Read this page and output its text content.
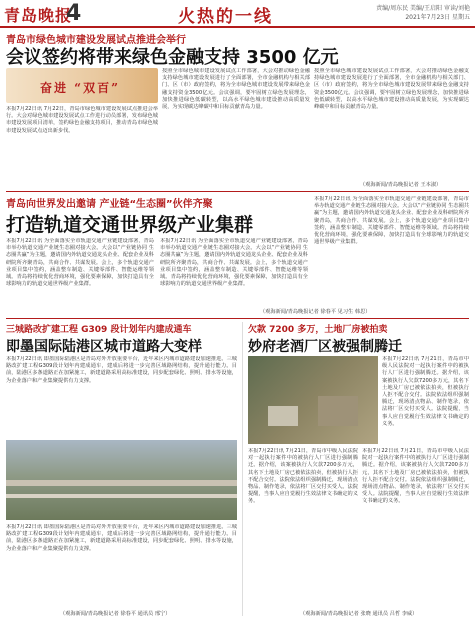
青岛晚报
4	火热的一线	责编/周东民 美编/王启阳 审读/刘艳
2021年7月23日 星期五
青岛市绿色城市建设发展试点推进会举行
会议签约将带来绿色金融支持 3500 亿元
奋进 “双百”
本报7月22日讯 7月22日，青岛市绿色城市建设发展试点推进会举行。大会对绿色城市建设发展试点工作进行动员部署，发布绿色城市建设发展项目清单，签约绿色金融支持项目，推动青岛市绿色城市建设发展试点迈出新步伐。
按照全市绿色城市建设发展试点工作部署，大会对推动绿色金融支持绿色城市建设发展进行了全面部署，全市金融机构与相关部门、区（市）政府签约，将为全市绿色城市建设发展带来绿色金融支持资金3500亿元。会议强调，要牢固树立绿色发展理念，加快推进绿色低碳转型，以高水平绿色城市建设推动高质量发展，为实现碳达峰碳中和目标贡献青岛力量。
按照全市绿色城市建设发展试点工作部署，大会对推动绿色金融支持绿色城市建设发展进行了全面部署，全市金融机构与相关部门、区（市）政府签约，将为全市绿色城市建设发展带来绿色金融支持资金3500亿元。会议强调，要牢固树立绿色发展理念，加快推进绿色低碳转型，以高水平绿色城市建设推动高质量发展，为实现碳达峰碳中和目标贡献青岛力量。
（观海新闻/青岛晚报记者 王本淑）
青岛向世界发出邀请 产业链“生态圈”伙伴齐聚
打造轨道交通世界级产业集群
本报7月22日讯 为全面落实全市轨道交通产业链建设部署，青岛市举办轨道交通产业链生态圈对接大会。大会以“产业链协同 生态圈共赢”为主题，邀请国内外轨道交通龙头企业、配套企业及科研院所齐聚青岛，共商合作、共谋发展。会上，多个轨道交通产业项目集中签约，涵盖整车制造、关键零部件、智能运维等领域。青岛将持续优化营商环境，强化要素保障，加快打造具有全球影响力的轨道交通世界级产业集群。
本报7月22日讯 为全面落实全市轨道交通产业链建设部署，青岛市举办轨道交通产业链生态圈对接大会。大会以“产业链协同 生态圈共赢”为主题，邀请国内外轨道交通龙头企业、配套企业及科研院所齐聚青岛，共商合作、共谋发展。会上，多个轨道交通产业项目集中签约，涵盖整车制造、关键零部件、智能运维等领域。青岛将持续优化营商环境，强化要素保障，加快打造具有全球影响力的轨道交通世界级产业集群。
本报7月22日讯 为全面落实全市轨道交通产业链建设部署，青岛市举办轨道交通产业链生态圈对接大会。大会以“产业链协同 生态圈共赢”为主题，邀请国内外轨道交通龙头企业、配套企业及科研院所齐聚青岛，共商合作、共谋发展。会上，多个轨道交通产业项目集中签约，涵盖整车制造、关键零部件、智能运维等领域。青岛将持续优化营商环境，强化要素保障，加快打造具有全球影响力的轨道交通世界级产业集群。
（观海新闻/青岛晚报记者 徐春平 见习生 韩思）
三城路改扩建工程 G309 段计划年内建成通车
即墨国际陆港区城市道路大变样
本报7月22日讯 即墨国际陆港区是青岛对外开放重要平台，近年来区内城市道路建设加速推进。三城路改扩建工程G309段计划年内建成通车，建成后将进一步完善区域路网结构，提升通行能力。目前，陆港区多条道路正在加紧施工，新建道路采用高标准建设，同步配套绿化、照明、排水等设施，为企业落户和产业集聚提供有力支撑。
本报7月22日讯 即墨国际陆港区是青岛对外开放重要平台，近年来区内城市道路建设加速推进。三城路改扩建工程G309段计划年内建成通车，建成后将进一步完善区域路网结构，提升通行能力。目前，陆港区多条道路正在加紧施工，新建道路采用高标准建设，同步配套绿化、照明、排水等设施，为企业落户和产业集聚提供有力支撑。
（观海新闻/青岛晚报记者 徐春平 通讯员 邢宁）
欠款 7200 多万，土地厂房被拍卖
妙府老酒厂区被强制腾迁
本报7月22日讯 7月21日，青岛市中级人民法院对一起执行案件中的被执行人厂区进行强制腾迁。据介绍，该案被执行人欠款7200多万元，其名下土地及厂房已被依法拍卖，但被执行人拒不配合交付。法院依法组织强制腾迁，现场清点物品、制作笔录，依法将厂区交付买受人。法院提醒，当事人应自觉履行生效法律文书确定的义务。
本报7月22日讯 7月21日，青岛市中级人民法院对一起执行案件中的被执行人厂区进行强制腾迁。据介绍，该案被执行人欠款7200多万元，其名下土地及厂房已被依法拍卖，但被执行人拒不配合交付。法院依法组织强制腾迁，现场清点物品、制作笔录，依法将厂区交付买受人。法院提醒，当事人应自觉履行生效法律文书确定的义务。
本报7月22日讯 7月21日，青岛市中级人民法院对一起执行案件中的被执行人厂区进行强制腾迁。据介绍，该案被执行人欠款7200多万元，其名下土地及厂房已被依法拍卖，但被执行人拒不配合交付。法院依法组织强制腾迁，现场清点物品、制作笔录，依法将厂区交付买受人。法院提醒，当事人应自觉履行生效法律文书确定的义务。
（观海新闻/青岛晚报记者 张晓 通讯员 吕哲 李威）
